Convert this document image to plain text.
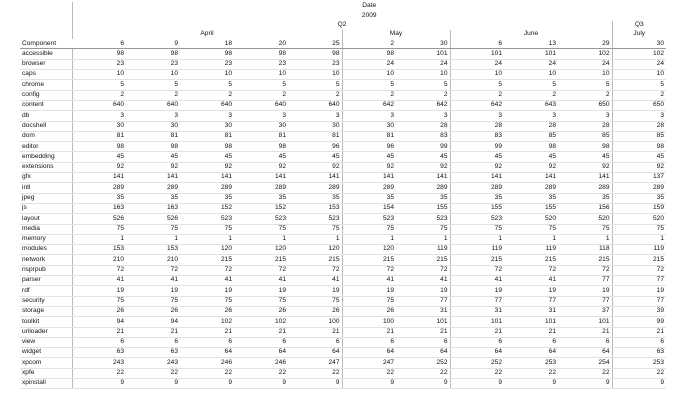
	Date										
	2009										
	Q2										Q3
	April					May		June			July
Component	6	9	18	20	25	2	30	6	13	29	30
accessible	98	98	98	98	98	98	101	101	101	102	102
browser	23	23	23	23	23	24	24	24	24	24	24
caps	10	10	10	10	10	10	10	10	10	10	10
chrome	5	5	5	5	5	5	5	5	5	5	5
config	2	2	2	2	2	2	2	2	2	2	2
content	640	640	640	640	640	642	642	642	643	650	650
db	3	3	3	3	3	3	3	3	3	3	3
docshell	30	30	30	30	30	30	28	28	28	28	28
dom	81	81	81	81	81	81	83	83	85	85	85
editor	98	98	98	98	96	96	99	99	98	98	98
embedding	45	45	45	45	45	45	45	45	45	45	45
extensions	92	92	92	92	92	92	92	92	92	92	92
gfx	141	141	141	141	141	141	141	141	141	141	137
intl	289	289	289	289	289	289	289	289	289	289	289
jpeg	35	35	35	35	35	35	35	35	35	35	35
js	163	163	152	152	153	154	155	155	155	156	159
layout	526	526	523	523	523	523	523	523	520	520	520
media	75	75	75	75	75	75	75	75	75	75	75
memory	1	1	1	1	1	1	1	1	1	1	1
modules	153	153	120	120	120	120	119	119	119	118	119
network	210	210	215	215	215	215	215	215	215	215	215
nsprpub	72	72	72	72	72	72	72	72	72	72	72
parser	41	41	41	41	41	41	41	41	41	77	77
rdf	19	19	19	19	19	19	19	19	19	19	19
security	75	75	75	75	75	75	77	77	77	77	77
storage	26	26	26	26	26	26	31	31	31	37	39
toolkit	94	94	102	102	100	100	101	101	101	101	99
uriloader	21	21	21	21	21	21	21	21	21	21	21
view	6	6	6	6	6	6	6	6	6	6	6
widget	63	63	64	64	64	64	64	64	64	64	63
xpcom	243	243	246	246	247	247	252	252	253	254	253
xpfe	22	22	22	22	22	22	22	22	22	22	22
xpinstall	9	9	9	9	9	9	9	9	9	9	9
